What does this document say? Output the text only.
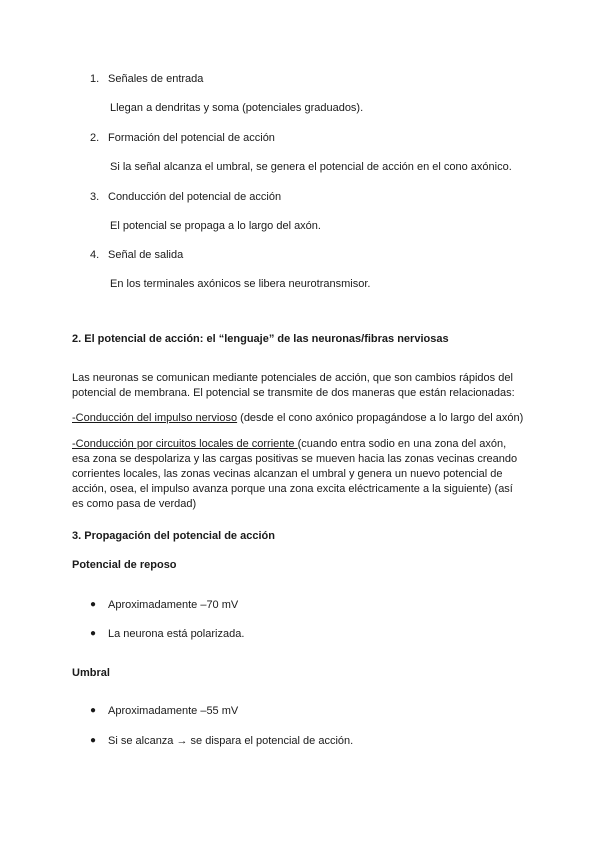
1. Señales de entrada
Llegan a dendritas y soma (potenciales graduados).
2. Formación del potencial de acción
Si la señal alcanza el umbral, se genera el potencial de acción en el cono axónico.
3. Conducción del potencial de acción
El potencial se propaga a lo largo del axón.
4. Señal de salida
En los terminales axónicos se libera neurotransmisor.
2. El potencial de acción: el “lenguaje” de las neuronas/fibras nerviosas
Las neuronas se comunican mediante potenciales de acción, que son cambios rápidos del
potencial de membrana. El potencial se transmite de dos maneras que están relacionadas:
-Conducción del impulso nervioso (desde el cono axónico propagándose a lo largo del axón)
-Conducción por circuitos locales de corriente (cuando entra sodio en una zona del axón,
esa zona se despolariza y las cargas positivas se mueven hacia las zonas vecinas creando
corrientes locales, las zonas vecinas alcanzan el umbral y genera un nuevo potencial de
acción, osea, el impulso avanza porque una zona excita eléctricamente a la siguiente) (así
es como pasa de verdad)
3. Propagación del potencial de acción
Potencial de reposo
● Aproximadamente –70 mV
● La neurona está polarizada.
Umbral
● Aproximadamente –55 mV
● Si se alcanza → se dispara el potencial de acción.
